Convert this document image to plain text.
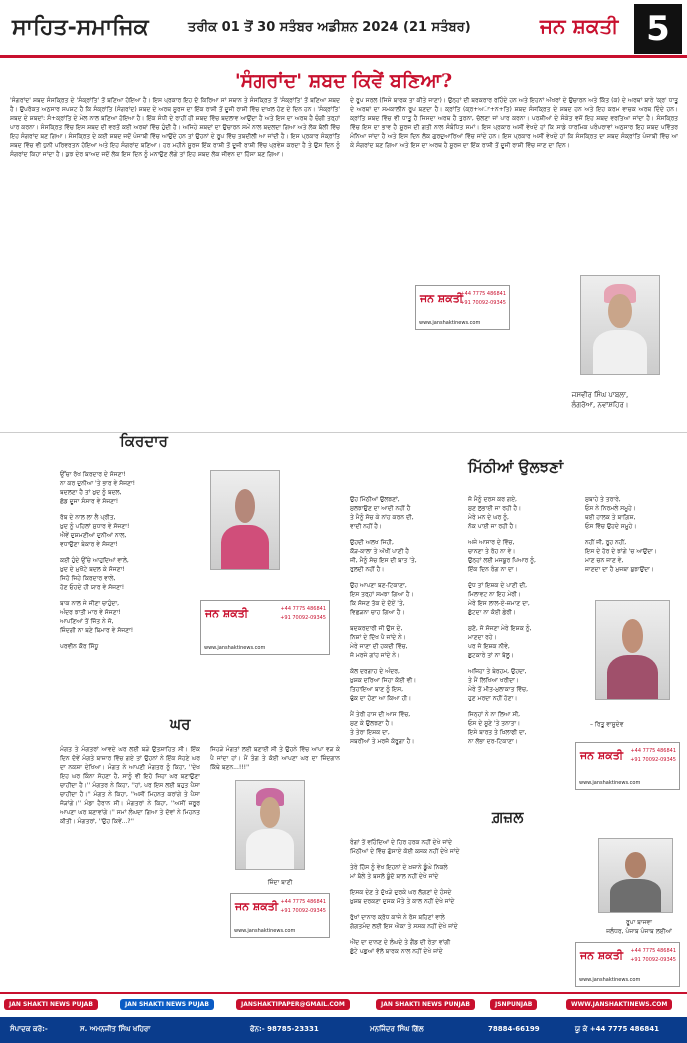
ਸਾਹਿਤ-ਸਮਾਜਿਕ	ਤਰੀਕ 01 ਤੋਂ 30 ਸਤੰਬਰ ਅਡੀਸ਼ਨ 2024 (21 ਸਤੰਬਰ)	ਜਨ ਸ਼ਕਤੀ 5
'ਸੰਗਰਾਂਦ' ਸ਼ਬਦ ਕਿਵੇਂ ਬਣਿਆ?
'ਸੰਗਰਾਂਦ' ਸ਼ਬਦ ਸੰਸਕ੍ਰਿਤ ਦੇ 'ਸੰਕ੍ਰਾਂਤਿ' ਤੋਂ ਬਣਿਆ ਹੋਇਆ ਹੈ। ਇਸ ਪ੍ਰਕਾਰ ਇਹ ਦੋ ਕਿਰਿਆ ਸਾਂ ਸਥਾਨ ਤੇ ਸੰਸਕ੍ਰਿਤ ਤੋਂ 'ਸੰਕ੍ਰਾਂਤਿ' ਤੋਂ ਬਣਿਆ ਸ਼ਬਦ ਹੈ। ਉਪਰੋਕਤ ਅਨੁਸਾਰ ਸਪਸ਼ਟ ਹੈ ਕਿ ਸੰਕ੍ਰਾਂਤਿ (ਸੰਗਰਾਂਦ) ਸ਼ਬਦ ਦੇ ਅਰਥ ਸੂਰਜ ਦਾ ਇੱਕ ਰਾਸ਼ੀ ਤੋਂ ਦੂਜੀ ਰਾਸ਼ੀ ਵਿੱਚ ਦਾਖ਼ਲ ਹੋਣ ਦੇ ਦਿਨ ਹਨ। 'ਸੰਕ੍ਰਾਂਤਿ' ਸ਼ਬਦ ਦੇ ਸ਼ਬਦਾਂ: ਸੰ+ਕ੍ਰਾਂਤਿ ਦੇ ਮੇਲ ਨਾਲ ਬਣਿਆ ਹੋਇਆ ਹੈ। ਇੱਕ ਸੰਧੀ ਦੇ ਰਾਹੀਂ ਹੀ ਸ਼ਬਦ ਵਿੱਚ ਬਦਲਾਵ ਆਉਂਦਾ ਹੈ ਅਤੇ ਇਸ ਦਾ ਅਰਥ ਹੈ ਚੰਗੀ ਤਰ੍ਹਾਂ ਪਾਰ ਕਰਨਾ। ਸੰਸਕ੍ਰਿਤ ਵਿੱਚ ਇਸ ਸ਼ਬਦ ਦੀ ਵਰਤੋਂ ਕਈ ਅਰਥਾਂ ਵਿੱਚ ਹੁੰਦੀ ਹੈ। ਅਜਿਹੇ ਸ਼ਬਦਾਂ ਦਾ ਉਚਾਰਨ ਸਮੇਂ ਨਾਲ ਬਦਲਦਾ ਗਿਆ ਅਤੇ ਲੋਕ ਬੋਲੀ ਵਿੱਚ ਇਹ ਸੰਗਰਾਂਦ ਬਣ ਗਿਆ। ਸੰਸਕ੍ਰਿਤ ਦੇ ਕਈ ਸ਼ਬਦ ਜਦੋਂ ਪੰਜਾਬੀ ਵਿੱਚ ਆਉਂਦੇ ਹਨ ਤਾਂ ਉਹਨਾਂ ਦੇ ਰੂਪ ਵਿੱਚ ਤਬਦੀਲੀ ਆ ਜਾਂਦੀ ਹੈ। ਇਸ ਪ੍ਰਕਾਰ ਸੰਕ੍ਰਾਂਤਿ ਸ਼ਬਦ ਵਿੱਚ ਵੀ ਧੁਨੀ ਪਰਿਵਰਤਨ ਹੋਇਆ ਅਤੇ ਇਹ ਸੰਗਰਾਂਦ ਬਣਿਆ। ਹਰ ਮਹੀਨੇ ਸੂਰਜ ਇੱਕ ਰਾਸ਼ੀ ਤੋਂ ਦੂਜੀ ਰਾਸ਼ੀ ਵਿੱਚ ਪ੍ਰਵੇਸ਼ ਕਰਦਾ ਹੈ ਤੇ ਉਸ ਦਿਨ ਨੂੰ ਸੰਗਰਾਂਦ ਕਿਹਾ ਜਾਂਦਾ ਹੈ। ਕੁਝ ਦੇਰ ਬਾਅਦ ਜਦੋਂ ਲੋਕ ਇਸ ਦਿਨ ਨੂੰ ਮਨਾਉਣ ਲੱਗੇ ਤਾਂ ਇਹ ਸ਼ਬਦ ਲੋਕ ਜੀਵਨ ਦਾ ਹਿੱਸਾ ਬਣ ਗਿਆ।
ਦੇ ਰੂਪ ਸਰਲ (ਜਿਸੇ ਬਾਰਕ ਤਾ ਕੀਤੇ ਜਾਣਾ)। ਉਨ੍ਹਾਂ ਦੀ ਬਰਕਰਾਰ ਰਹਿੰਦੇ ਹਨ ਅਤੇ ਇਹਨਾਂ ਅੱਖਰਾਂ ਦੇ ਉਚਾਰਨ ਅਤੇ ਕਿੱਤ (ਕ) ਦੇ ਅਰਥਾਂ ਬਾਰੇ 'ਕ੍ਰ' ਧਾਤੂ ਦੇ ਅਰਥਾਂ ਦਾ ਸਮਕਾਲੀਨ ਰੂਪ ਬਣਦਾ ਹੈ। ਕ੍ਰਾਂਤਿ (ਕ੍ਰ+ਅਾ+ਨ+ਤਿ) ਸ਼ਬਦ ਸੰਸਕ੍ਰਿਤ ਦੇ ਸ਼ਬਦ ਹਨ ਅਤੇ ਇਹ ਕਰਮ ਵਾਚਕ ਅਰਥ ਦਿੰਦੇ ਹਨ। ਕ੍ਰਾਂਤਿ ਸ਼ਬਦ ਵਿੱਚ ਵੀ ਧਾਤੂ ਹੈ ਜਿਸਦਾ ਅਰਥ ਹੈ ਤੁਰਨਾ, ਚੱਲਣਾ ਜਾਂ ਪਾਰ ਕਰਨਾ। ਪਰਸ਼ੀਆਂ ਦੇ ਸੰਕੇਤ ਵਜੋਂ ਇਹ ਸ਼ਬਦ ਵਰਤਿਆ ਜਾਂਦਾ ਹੈ। ਸੰਸਕ੍ਰਿਤ ਵਿੱਚ ਇਸ ਦਾ ਭਾਵ ਹੈ ਸੂਰਜ ਦੀ ਗਤੀ ਨਾਲ ਸੰਬੰਧਿਤ ਸਮਾਂ। ਇਸ ਪ੍ਰਕਾਰ ਅਸੀਂ ਵੇਖਦੇ ਹਾਂ ਕਿ ਸਾਡੇ ਧਾਰਮਿਕ ਪਰੰਪਰਾਵਾਂ ਅਨੁਸਾਰ ਇਹ ਸ਼ਬਦ ਪਵਿੱਤਰ ਮੰਨਿਆ ਜਾਂਦਾ ਹੈ ਅਤੇ ਇਸ ਦਿਨ ਲੋਕ ਗੁਰਦੁਆਰਿਆਂ ਵਿੱਚ ਜਾਂਦੇ ਹਨ। ਇਸ ਪ੍ਰਕਾਰ ਅਸੀਂ ਵੇਖਦੇ ਹਾਂ ਕਿ ਸੰਸਕ੍ਰਿਤ ਦਾ ਸ਼ਬਦ ਸੰਕ੍ਰਾਂਤਿ ਪੰਜਾਬੀ ਵਿੱਚ ਆ ਕੇ ਸੰਗਰਾਂਦ ਬਣ ਗਿਆ ਅਤੇ ਇਸ ਦਾ ਅਰਥ ਹੈ ਸੂਰਜ ਦਾ ਇੱਕ ਰਾਸ਼ੀ ਤੋਂ ਦੂਜੀ ਰਾਸ਼ੀ ਵਿੱਚ ਜਾਣ ਦਾ ਦਿਨ।
ਜਨ ਸ਼ਕਤੀ
+44 7775 486841
+91 70092-09345
www.janshaktinews.com
ਜਸਵੀਰ ਸਿੰਘ ਪਾਬਲਾ,
ਲੰਗਰੋਆ, ਨਵਾਂਸ਼ਹਿਰ।
ਕਿਰਦਾਰ
ਉੱਚਾ ਰੱਖ ਕਿਰਦਾਰ ਦੇ ਸੱਜਣਾ!
ਨਾ ਕਰ ਦੁਨੀਆ 'ਤੇ ਭਾਰ ਵੇ ਸੱਜਣਾ!
ਬਦਲਣਾ ਹੈ ਤਾਂ ਖ਼ੁਦ ਨੂੰ ਬਦਲ,
ਛੱਡ ਦੂਜਾ ਸੰਸਾਰ ਵੇ ਸੱਜਣਾ!
ਰੱਬ ਦੇ ਨਾਲ ਲਾ ਲੈ ਪ੍ਰੀਤ,
ਖ਼ੁਦ ਨੂੰ ਪਹਿਲਾਂ ਸੁਧਾਰ ਵੇ ਸੱਜਣਾ!
ਐਵੇਂ ਦੁਸ਼ਮਣੀਆਂ ਦੁਨੀਆਂ ਨਾਲ,
ਵਧਾਉਣਾ ਬੇਕਾਰ ਵੇ ਸੱਜਣਾ!
ਕਈ ਹੁੰਦੇ ਉੱਚੇ ਆਹੁਦਿਆਂ ਵਾਲੇ,
ਖ਼ੁਦ ਦੇ ਮੁਖੌਟੇ ਬਦਲ ਕੇ ਸੱਜਣਾ!
ਜਿਹੋ ਜਿਹੇ ਕਿਰਦਾਰ ਵਾਲੇ,
ਹੋਣ ਓਹਦੇ ਹੀ ਯਾਰ ਵੇ ਸੱਜਣਾ!
ਬਾਕ ਨਾਲ ਜੇ ਜੀਣਾ ਚਾਹੁੰਦਾ,
ਅੰਦਰ ਝਾਤੀ ਮਾਰ ਵੇ ਸੱਜਣਾ!
ਆਪਣਿਆਂ ਤੋਂ ਜਿੱਤ ਨੇ ਜੋ,
ਜ਼ਿੰਦਗੀ ਨਾ ਬਣੇ ਬਿਮਾਰ ਵੇ ਸੱਜਣਾ!
ਪਰਵੀਨ ਕੌਰ ਸਿੱਧੂ
ਜਨ ਸ਼ਕਤੀ	+44 7775 486841
+91 70092-09345
www.janshaktinews.com
ਮਿੱਠੀਆਂ ਉਲਝਣਾਂ
ਉਹ ਮਿੱਠੀਆਂ ਉਲਝਣਾਂ,
ਸੁਲਝਾਉਣ ਦਾ ਆਦੀ ਨਹੀਂ ਹੈ
ਤੇ ਮੈਨੂੰ ਸੋਚ ਕੇ ਨਾਂਹ ਕਰਨ ਦੀ,
ਵਾਦੀ ਨਹੀਂ ਹੈ।
ਉਹਦੀ ਅਲਖ ਜਿਹੀ,
ਕੌੜ-ਕਾਲਾ ਤੇ ਅੱਖੀਂ ਪਾਣੀ ਹੈ
ਜੀ, ਮੈਨੂੰ ਸੋਚ ਇਸ ਦੀ ਬਾਤ 'ਤੇ,
ਰੁਲਦੀ ਨਹੀਂ ਹੈ।
ਉਹ ਆਪਣਾ ਬਣ-ਟਿਕਾਣਾ,
ਇਸ ਤਰ੍ਹਾਂ ਸਮਝਾ ਗਿਆ ਹੈ।
ਕਿ ਸੱਜਣ ਤੱਕ ਦੇ ਦੋਏਂ 'ਤੇ,
ਵਿਛੜਨਾ ਚਾਹ ਗਿਆ ਹੈ।
ਬਦਕਰਦਾਰੀ ਜੀ ਉਸ ਦੇ,
ਨਿਸ਼ਾਂ ਦੇ ਦਿੱਖ ਪੈ ਜਾਂਦੇ ਨੇ।
ਮੇਰੇ ਜਾਣਾ ਦੀ ਹਕਦੀ ਵਿੱਚ,
ਜੋ ਮਰਜੇ ਗਾਂਹ ਜਾਂਦੇ ਨੇ।
ਕੋਲ ਦਰਗਾਹ ਦੇ ਅੰਦਰ,
ਖ਼ੁਸ਼ਕ ਦਰਿਆ ਜਿਹਾ ਕੋਈ ਵੀ।
ਤਿਹਾਇਆ ਬਾਣ ਨੂੰ ਇਸ,
ਢੁੱਕ ਦਾ ਹੋਣਾ ਆ ਕਿਆ ਹੀ।
ਮੈਂ ਤੇਰੀ ਹਾਸ ਦੀ ਆਸ ਵਿੱਚ,
ਸੁਣ ਕੇ ਉਲਝਣਾ ਹੈ।
ਤੇ ਤੇਰਾ ਇਸ਼ਕ ਦਾ,
ਸਬਰੀਆਂ ਤੇ ਮਰਜੋ ਕੋਰੂਗਾ ਹੈ।
ਜੋ ਮੈਨੂੰ ਦਰਸ ਕਰ ਗਏ,
ਸੁਣ ਲੁਭਾਈ ਜਾ ਰਹੀ ਹੈ।
ਮੇਰੇ ਮਨ ਦੇ ਘਰ ਨੂੰ,
ਨੱਕ ਪਾਈ ਜਾ ਰਹੀ ਹੈ।
ਅਜੇ ਆਸਾਰ ਦੇ ਵਿੱਚ,
ਚਾਨਣਾ ਤੇ ਰੋਹ ਨਾ ਵੇ।
ਉਨ੍ਹਾਂ ਲਈ ਮਜਬੂਰ ਪਿਆਰ ਨੂੰ,
ਇੱਕ ਦਿਨ ਰੰਗ ਨਾ ਦਾ।
ਦੁੱਧ ਤਾਂ ਇਸ਼ਕ ਦੇ ਪਾਣੀ ਦੀ,
ਮਿਲਾਵਟ ਨਾ ਇਹ ਮੇਰੀ।
ਮੇਰੇ ਇਸ ਲਾਲ-ਏ-ਜ਼ਮਾਣ ਦਾ,
ਛੁੱਟਦਾ ਨਾ ਕੋਈ ਛੇਰੀ।
ਸੁਣੋ, ਜੋ ਸੱਜਣਾ ਮੇਰੇ ਇਸ਼ਕ ਨੂੰ,
ਮਾਣਦਾ ਰਹੇ।
ਪਰ ਜੋ ਇਸ਼ਕ ਨੀਵੇ,
ਛੁਟਕਾਰੇ ਤਾਂ ਨਾ ਬੋਲੂ।
ਅਜਿਹਾ ਤੇ ਬੇਰਹਮ, ਉਹਦਾ,
ਤੇ ਮੈਂ ਲਿਖਿਆ ਖਰੀਦਾ।
ਮੇਰੇ ਤੋਂ ਮੀਤ-ਮੁਲਾਕਾਤ ਵਿੱਚ,
ਹੁਣ ਮਰਦਾ ਨਹੀਂ ਹੋਣਾ।
ਜਿਨ੍ਹਾਂ ਨੇ ਨਾ ਲਿਆ ਸੀ,
ਓਸ ਦੇ ਸੂਣੇ 'ਤੇ ਤਨਾਤਾ।
ਇਸੇ ਬਾਰਤ ਤੇ ਖ਼ਿਲਾਫੀ ਦਾ,
ਨਾ ਲੱਭਾ ਦਰ-ਟਿਕਾਣਾ।
ਸੁਬਾਹੇ ਤੇ ਤਰਾਰੇ,
ਓਸ ਨੇ ਨਿਰਮਲੇ ਸਮੂਹੇ।
ਥਈ ਹਾਲਕ ਤੇ ਬਾਗ਼ਿਸ਼,
ਓਸ ਵਿੱਚ ਉਹਦੇ ਸਮੂਹੇ।
ਨਹੀਂ ਜੀ, ਰੂਹ ਨਹੀਂ,
ਇਸ ਦੇ ਹੋਰ ਦੇ ਝਾਂਗੇ 'ਚ ਆਉਂਦਾ।
ਮਾਣ ਚਨ ਜਾਣ ਵੇ,
ਜਾਣਦਾ ਦਾ ਹੈ ਮੁਜਬਾ ਬੁਝਾਉਂਦਾ।
– ਰਿਤੂ ਵਾਸੂਦੇਵ
ਜਨ ਸ਼ਕਤੀ +44 7775 486841
+91 70092-09345
www.janshaktinews.com
ਘਰ
ਮੰਗਤ ਤੇ ਮੰਗਤਰਾਂ ਆਵਦੇ ਘਰ ਲਈ ਬੜੇ ਉਤਸ਼ਾਹਿਤ ਸੀ। ਇੱਕ ਦਿਨ ਦੋਵੇਂ ਮੰਗਤੇ ਬਾਜ਼ਾਰ ਵਿੱਚ ਗਏ ਤਾਂ ਉਹਨਾਂ ਨੇ ਇੱਕ ਸੋਹਣੇ ਘਰ ਦਾ ਨਕਸ਼ਾ ਦੇਖਿਆ। ਮੰਗਤ ਨੇ ਆਪਣੀ ਮੰਗਤਰ ਨੂੰ ਕਿਹਾ, ''ਦੇਖ ਇਹ ਘਰ ਕਿੰਨਾ ਸੋਹਣਾ ਹੈ, ਸਾਨੂੰ ਵੀ ਇਹੋ ਜਿਹਾ ਘਰ ਬਣਾਉਣਾ ਚਾਹੀਦਾ ਹੈ।'' ਮੰਗਤਰ ਨੇ ਕਿਹਾ, ''ਹਾਂ, ਪਰ ਇਸ ਲਈ ਬਹੁਤ ਪੈਸਾ ਚਾਹੀਦਾ ਹੈ।'' ਮੰਗਤ ਨੇ ਕਿਹਾ, ''ਅਸੀਂ ਮਿਹਨਤ ਕਰਾਂਗੇ ਤੇ ਪੈਸਾ ਜੋੜਾਂਗੇ।'' ਮੰਡਾ ਹੈਰਾਨ ਸੀ। ਮੰਗਤਰਾਂ ਨੇ ਕਿਹਾ, ''ਅਸੀਂ ਜ਼ਰੂਰ ਆਪਣਾ ਘਰ ਬਣਾਵਾਂਗੇ।'' ਸਮਾਂ ਲੰਘਦਾ ਗਿਆ ਤੇ ਦੋਵਾਂ ਨੇ ਮਿਹਨਤ ਕੀਤੀ। ਮੰਗਤਰਾਂ, ''ਉਹ ਕਿਵੇਂ...?''
ਜਿਹੜੇ ਮੰਗਤਾਂ ਲਈ ਬਣਾਈ ਸੀ ਤੇ ਉਹਨੇ ਵਿੱਚ ਆਪਾ ਵੜ ਕੇ ਪੈ ਜਾਂਦਾ ਹਾਂ। ਮੈਂ ਤੰਗ ਤੇ ਕੋਈ ਆਪਣਾ ਘਰ ਦਾ ਜ਼ਿੰਦਗਾਨ ਕਿੱਥੇ ਬਣਨ...!!!''
ਜ਼ਿੰਦਾ ਬਾਣੀ
ਜਨ ਸ਼ਕਤੀ +44 7775 486841
+91 70092-09345
www.janshaktinews.com
ਗ਼ਜ਼ਲ
ਰੰਗਾਂ ਤੋਂ ਵਹਿੰਦਿਆਂ ਦੇ ਹਿਰ ਹਰਕ ਨਹੀਂ ਦੇਖੇ ਜਾਂਦੇ
ਮਿੱਠੀਆਂ ਦੇ ਵਿੱਚ ਗੁੱਸਾਏ ਕੋਈ ਕਸਕ ਨਹੀਂ ਦੇਖੇ ਜਾਂਦੇ
ਤੇਰੇ ਹਿੱਸ ਨੂੰ ਵੇਖ ਇਹਨਾਂ ਦੇ ਖ਼ਜ਼ਾਨੇ ਡੂੰਘੇ ਨਿਕਲੇ
ਮਾਂ ਬੋਲੇ ਤੇ ਬਸਲੋ ਬੂੰਦੋ ਬਾਲ ਨਹੀਂ ਦੇਖੇ ਜਾਂਦੇ
ਇਸਕ ਦੇਣ ਤੇ ਦੁੱਖੜੇ ਦੁਰਕੇ ਘਰ ਲੱਗਣਾਂ ਦੇ ਹੰਸਦੇ
ਖ਼ੁਸ਼ਬ ਦਰਕਣਾ ਦੁਸਕ ਮੌਤੇ ਤੇ ਕਾਲ ਨਹੀਂ ਦੇਖੇ ਜਾਂਦੇ
ਰੁੱਖਾਂ ਦਾਨਾਰ ਕ੍ਰੋਧ ਕਾਜੇ ਨੇ ਰੋਸ ਬਹਿਣਾਂ ਵਾਲੇ
ਗੱਗਤਮੰਦ ਲਈ ਇਸ ਐਕਾ ਤੇ ਸਸਕ ਨਹੀਂ ਦੇਖੇ ਜਾਂਦੇ
ਐਂਦ ਦਾ ਦਾਨਣ ਦੇ ਲੰਘਦੇ ਤੇ ਗੈਂਡ ਦੀ ਰੇਤਾ ਵਾਂਗੀ
ਛੁੱਟੇ ਪਛੁਆਂ ਵੱਲੋ ਬਾਰਕ ਨਾਲ ਨਹੀਂ ਦੇਖੇ ਜਾਂਦੇ
ਰੂਪਾ ਬਾਜਵਾ
ਜਲੰਧਰ, ਪੰਜਾਬ ਪੰਜਾਬ ਲਈਆਂ
ਜਨ ਸ਼ਕਤੀ +44 7775 486841
+91 70092-09345
www.janshaktinews.com
JAN SHAKTI NEWS PUJAB	JAN SHAKTI NEWS PUJAB	JANSHAKTIPAPER@GMAIL.COM	JAN SHAKTI NEWS PUNJAB	JSNPUNJAB	WWW.JANSHAKTINEWS.COM
ਸੰਪਾਦਕ ਕਰੋ:-	ਸ. ਅਮਨਜੀਤ ਸਿੰਘ ਖਹਿਰਾ	ਫੋਨ:- 98785-23331	ਮਨਜਿੰਦਰ ਸਿੰਘ ਗਿੱਲ	78884-66199	ਯੂ ਕੇ +44 7775 486841
